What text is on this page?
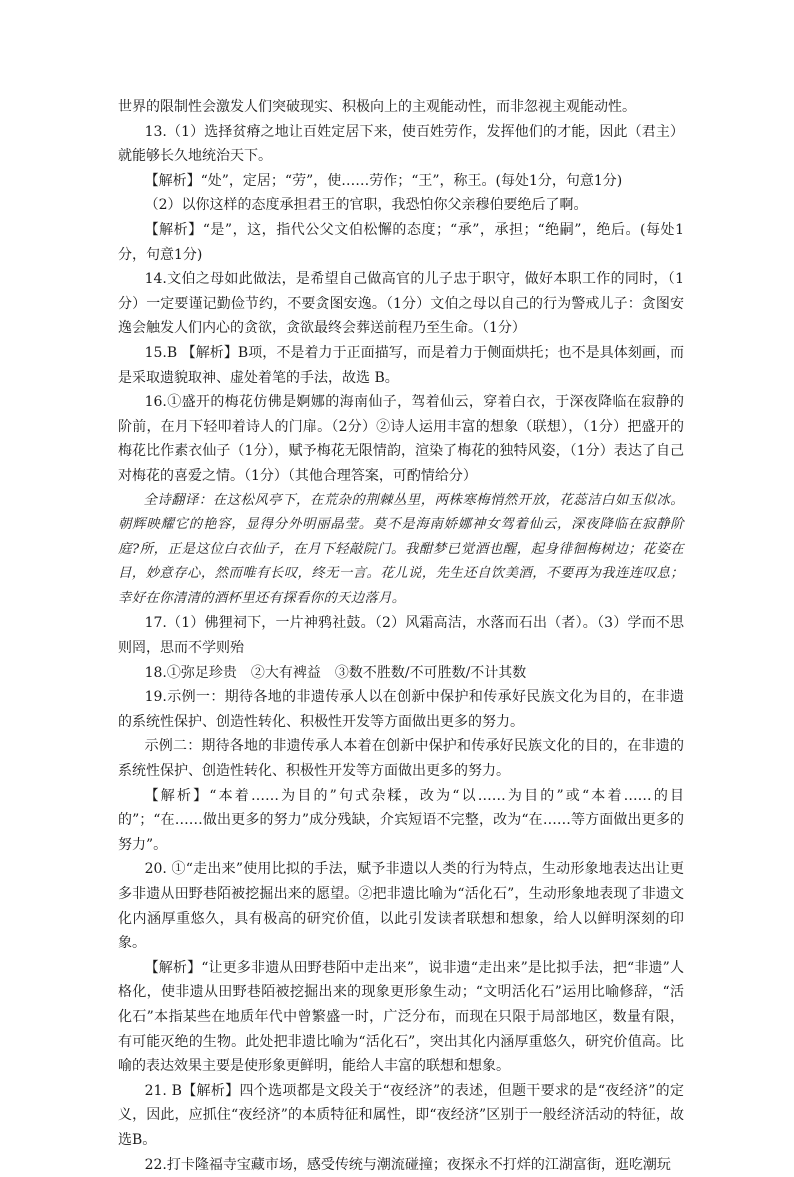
世界的限制性会激发人们突破现实、积极向上的主观能动性，而非忽视主观能动性。

13.（1）选择贫瘠之地让百姓定居下来，使百姓劳作，发挥他们的才能，因此（君主）就能够长久地统治天下。

【解析】“处”，定居；“劳”，使……劳作；“王”，称王。(每处1分，句意1分)

（2）以你这样的态度承担君王的官职，我恐怕你父亲穆伯要绝后了啊。

【解析】“是”，这，指代公父文伯松懈的态度；“承”，承担；“绝嗣”，绝后。(每处1分，句意1分)

14.文伯之母如此做法，是希望自己做高官的儿子忠于职守，做好本职工作的同时，（1分）一定要谨记勤俭节约，不要贪图安逸。（1分）文伯之母以自己的行为警戒儿子：贪图安逸会触发人们内心的贪欲，贪欲最终会葬送前程乃至生命。（1分）

15.B 【解析】B项，不是着力于正面描写，而是着力于侧面烘托；也不是具体刻画，而是采取遗貌取神、虚处着笔的手法，故选 B。

16.①盛开的梅花仿佛是婀娜的海南仙子，驾着仙云，穿着白衣，于深夜降临在寂静的阶前，在月下轻叩着诗人的门扉。（2分）②诗人运用丰富的想象（联想），（1分）把盛开的梅花比作素衣仙子（1分），赋予梅花无限情韵，渲染了梅花的独特风姿，（1分）表达了自己对梅花的喜爱之情。（1分）（其他合理答案，可酌情给分）

全诗翻译：在这松风亭下，在荒杂的荆棘丛里，两株寒梅悄然开放，花蕊洁白如玉似冰。朝辉映耀它的艳容，显得分外明丽晶莹。莫不是海南娇娜神女驾着仙云，深夜降临在寂静阶庭?所，正是这位白衣仙子，在月下轻敲院门。我酣梦已觉酒也醒，起身徘徊梅树边；花姿在目，妙意存心，然而唯有长叹，终无一言。花儿说，先生还自饮美酒，不要再为我连连叹息；幸好在你清清的酒杯里还有探看你的天边落月。

17.（1）佛狸祠下，一片神鸦社鼓。（2）风霜高洁，水落而石出（者）。（3）学而不思则罔，思而不学则殆

18.①弥足珍贵　②大有裨益　③数不胜数/不可胜数/不计其数

19.示例一：期待各地的非遗传承人以在创新中保护和传承好民族文化为目的，在非遗的系统性保护、创造性转化、积极性开发等方面做出更多的努力。

示例二：期待各地的非遗传承人本着在创新中保护和传承好民族文化的目的，在非遗的系统性保护、创造性转化、积极性开发等方面做出更多的努力。

【解析】“本着……为目的”句式杂糅，改为“以……为目的”或“本着……的目的”；“在……做出更多的努力”成分残缺，介宾短语不完整，改为“在……等方面做出更多的努力”。

20. ①“走出来”使用比拟的手法，赋予非遗以人类的行为特点，生动形象地表达出让更多非遗从田野巷陌被挖掘出来的愿望。②把非遗比喻为“活化石”，生动形象地表现了非遗文化内涵厚重悠久，具有极高的研究价值，以此引发读者联想和想象，给人以鲜明深刻的印象。

【解析】“让更多非遗从田野巷陌中走出来”，说非遗“走出来”是比拟手法，把“非遗”人格化，使非遗从田野巷陌被挖掘出来的现象更形象生动；“文明活化石”运用比喻修辞，“活化石”本指某些在地质年代中曾繁盛一时，广泛分布，而现在只限于局部地区，数量有限，有可能灭绝的生物。此处把非遗比喻为“活化石”，突出其化内涵厚重悠久，研究价值高。比喻的表达效果主要是使形象更鲜明，能给人丰富的联想和想象。

21. B【解析】四个选项都是文段关于“夜经济”的表述，但题干要求的是“夜经济”的定义，因此，应抓住“夜经济”的本质特征和属性，即“夜经济”区别于一般经济活动的特征，故选B。

22.打卡隆福寺宝藏市场，感受传统与潮流碰撞；夜探永不打烊的江湖富街，逛吃潮玩
